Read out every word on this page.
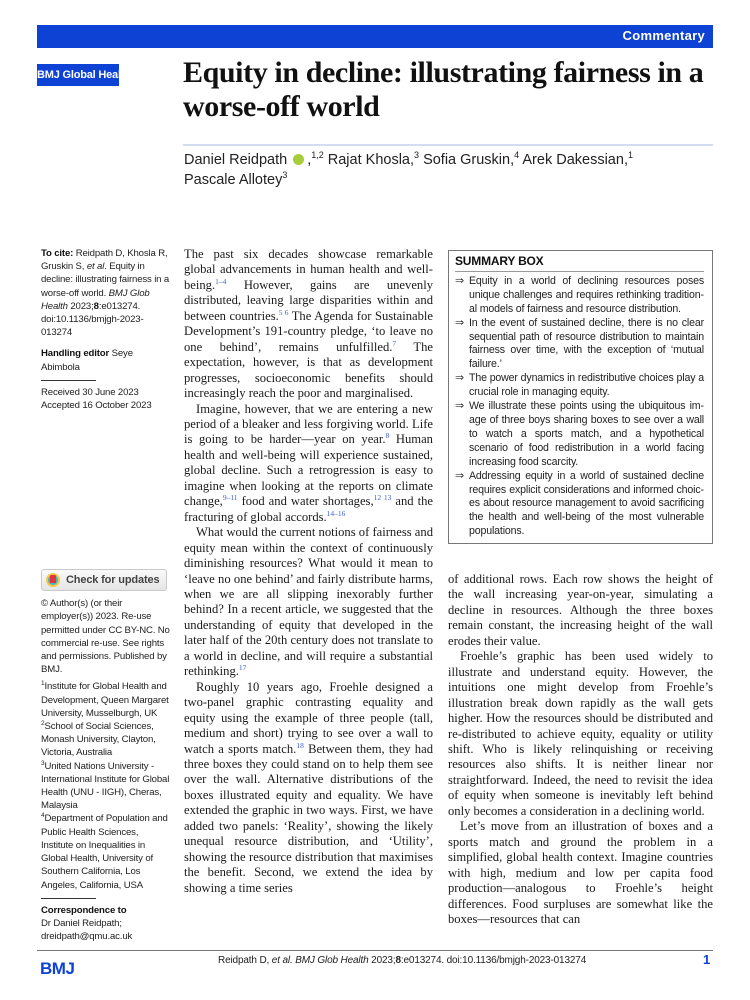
Commentary
BMJ Global Health Equity in decline: illustrating fairness in a worse-off world
Daniel Reidpath ,$^{1,2}$ Rajat Khosla,$^3$ Sofia Gruskin,$^4$ Arek Dakessian,$^1$
Pascale Allotey$^3$

To cite: Reidpath D, Khosla R, Gruskin S, et al. Equity in decline: illustrating fairness in a worse-off world. BMJ Glob Health 2023;8:e013274. doi:10.1136/bmjgh-2023-013274

Handling editor Seye Abimbola

Received 30 June 2023

Accepted 16 October 2023

Check for updates

© Author(s) (or their employer(s)) 2023. Re-use permitted under CC BY-NC. No commercial re-use. See rights and permissions. Published by BMJ.

$^1$Institute for Global Health and Development, Queen Margaret University, Musselburgh, UK

$^2$School of Social Sciences, Monash University, Clayton, Victoria, Australia

$^3$United Nations University - International Institute for Global Health (UNU - IIGH), Cheras, Malaysia

$^4$Department of Population and Public Health Sciences, Institute on Inequalities in Global Health, University of Southern California, Los Angeles, California, USA

Correspondence to

Dr Daniel Reidpath;

dreidpath@qmu.ac.uk

The past six decades showcase remarkable global advancements in human health and well-being.$^{1-4}$ However, gains are unevenly distributed, leaving large disparities within and between countries.$^{5 6}$ The Agenda for Sustainable Development’s 191-country pledge, ‘to leave no one behind’, remains unfulfilled.$^7$ The expectation, however, is that as development progresses, socioeconomic benefits should increasingly reach the poor and marginalised.

Imagine, however, that we are entering a new period of a bleaker and less forgiving world. Life is going to be harder—year on year.$^8$ Human health and well-being will experience sustained, global decline. Such a retrogression is easy to imagine when looking at the reports on climate change,$^{9-11}$ food and water shortages,$^{12 13}$ and the fracturing of global accords.$^{14-16}$

What would the current notions of fairness and equity mean within the context of continuously diminishing resources? What would it mean to ‘leave no one behind’ and fairly distribute harms, when we are all slipping inexorably further behind? In a recent article, we suggested that the understanding of equity that developed in the later half of the 20th century does not translate to a world in decline, and will require a substantial rethinking.$^{17}$

Roughly 10 years ago, Froehle designed a two-panel graphic contrasting equality and equity using the example of three people (tall, medium and short) trying to see over a wall to watch a sports match.$^{18}$ Between them, they had three boxes they could stand on to help them see over the wall. Alternative distributions of the boxes illustrated equity and equality. We have extended the graphic in two ways. First, we have added two panels: ‘Reality’, showing the likely unequal resource distribution, and ‘Utility’, showing the resource distribution that maximises the benefit. Second, we extend the idea by showing a time series

SUMMARY BOX
⇒ Equity in a world of declining resources poses unique challenges and requires rethinking traditional models of fairness and resource distribution.
⇒ In the event of sustained decline, there is no clear sequential path of resource distribution to maintain fairness over time, with the exception of ‘mutual failure.’
⇒ The power dynamics in redistributive choices play a crucial role in managing equity.
⇒ We illustrate these points using the ubiquitous image of three boys sharing boxes to see over a wall to watch a sports match, and a hypothetical scenario of food redistribution in a world facing increasing food scarcity.
⇒ Addressing equity in a world of sustained decline requires explicit considerations and informed choices about resource management to avoid sacrificing the health and well-being of the most vulnerable populations.

of additional rows. Each row shows the height of the wall increasing year-on-year, simulating a decline in resources. Although the three boxes remain constant, the increasing height of the wall erodes their value.

Froehle’s graphic has been used widely to illustrate and understand equity. However, the intuitions one might develop from Froehle’s illustration break down rapidly as the wall gets higher. How the resources should be distributed and re-distributed to achieve equity, equality or utility shift. Who is likely relinquishing or receiving resources also shifts. It is neither linear nor straightforward. Indeed, the need to revisit the idea of equity when someone is inevitably left behind only becomes a consideration in a declining world.

Let’s move from an illustration of boxes and a sports match and ground the problem in a simplified, global health context. Imagine countries with high, medium and low per capita food production—analogous to Froehle’s height differences. Food surpluses are somewhat like the boxes—resources that can

BMJ	Reidpath D, et al. BMJ Glob Health 2023;8:e013274. doi:10.1136/bmjgh-2023-013274	1
